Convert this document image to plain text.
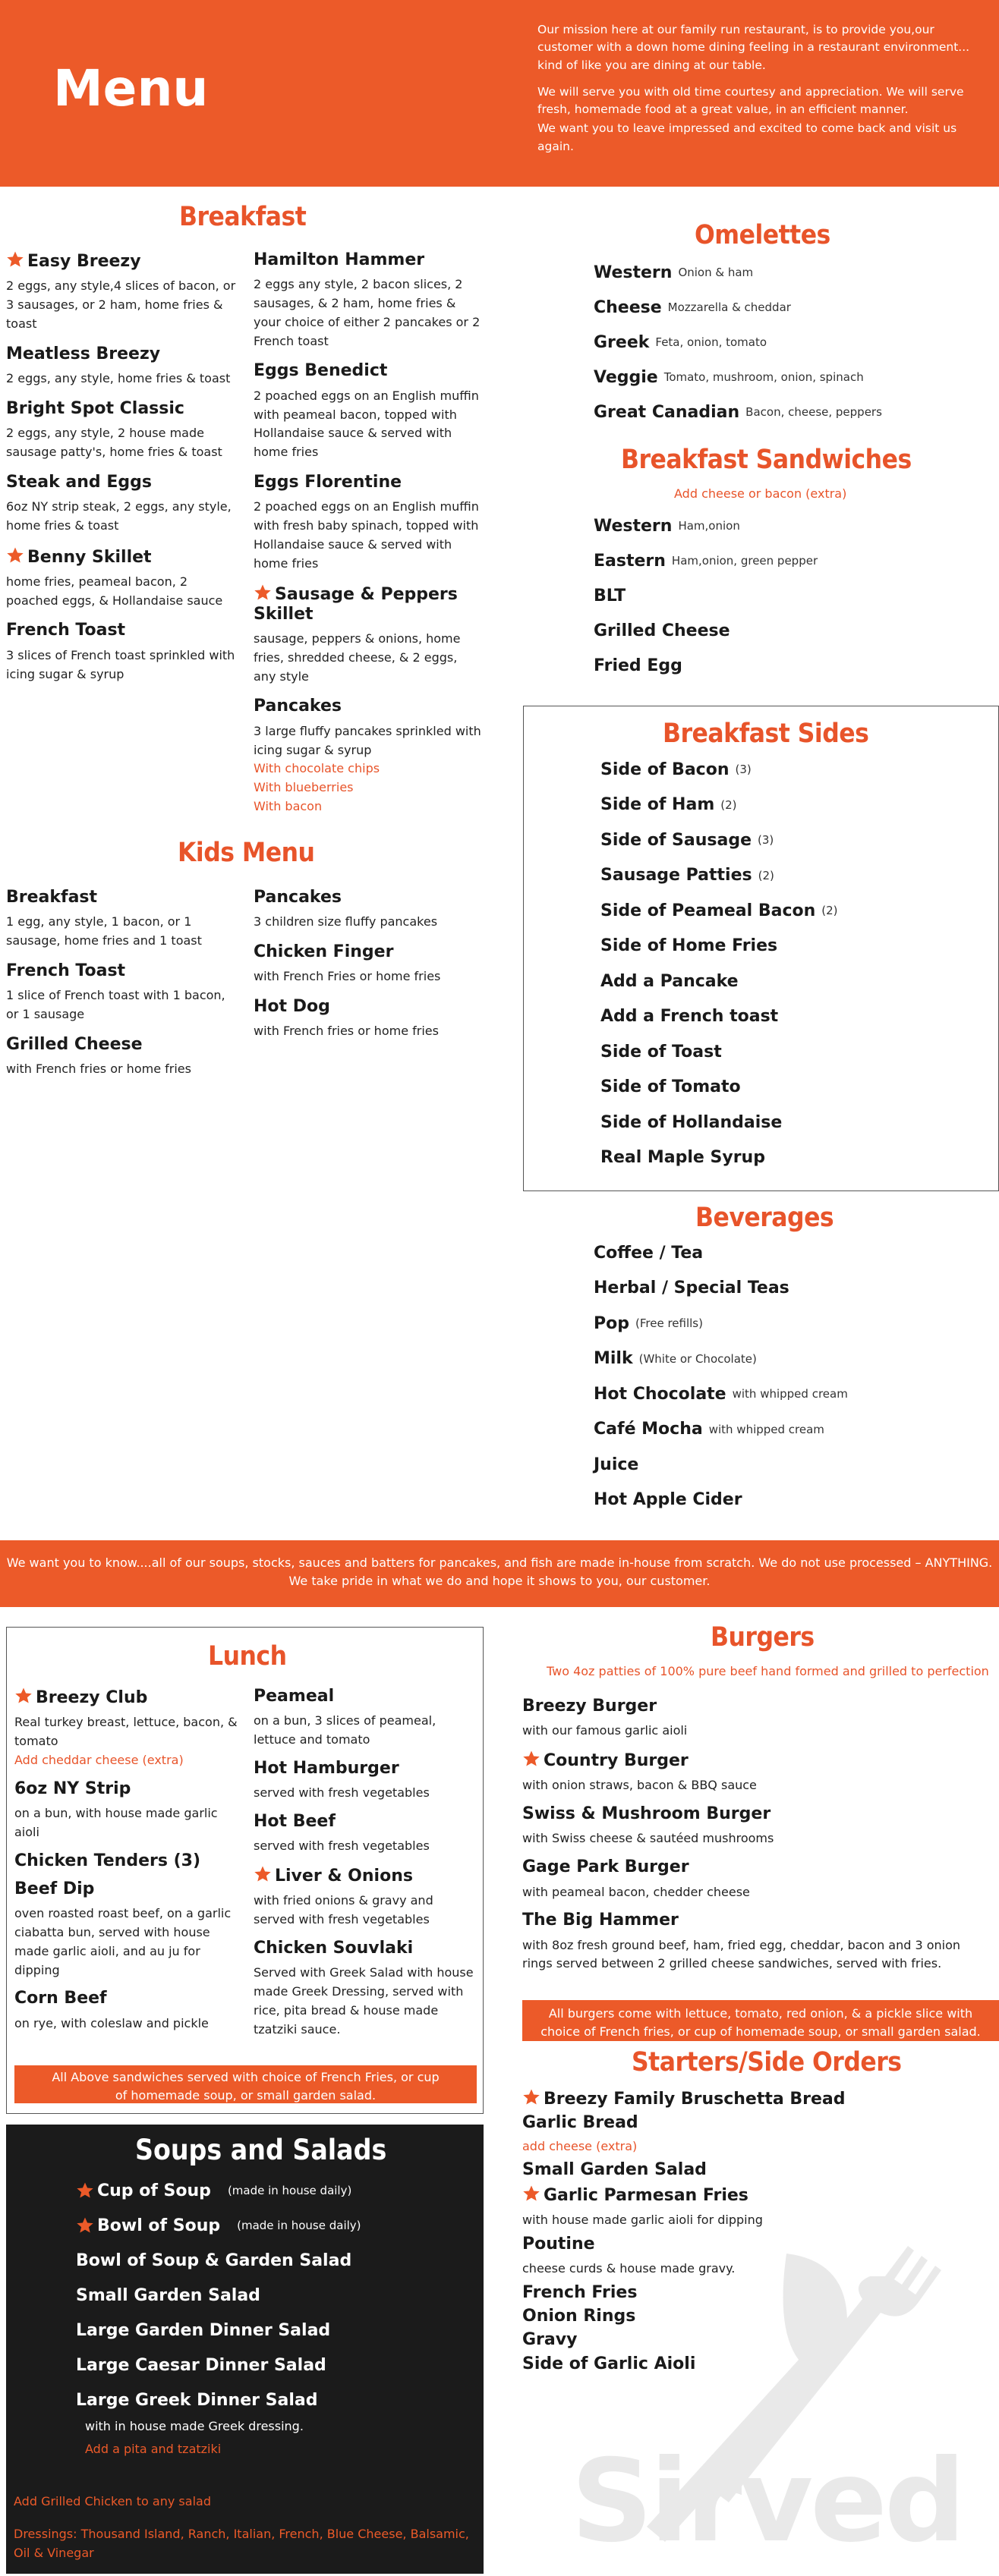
Menu

Our mission here at our family run restaurant, is to provide you,our customer with a down home dining feeling in a restaurant environment... kind of like you are dining at our table.

We will serve you with old time courtesy and appreciation. We will serve fresh, homemade food at a great value, in an efficient manner.

We want you to leave impressed and excited to come back and visit us again.

Breakfast
Easy Breezy
2 eggs, any style,4 slices of bacon, or 3 sausages, or 2 ham, home fries & toast
Meatless Breezy
2 eggs, any style, home fries & toast
Bright Spot Classic
2 eggs, any style, 2 house made sausage patty's, home fries & toast
Steak and Eggs
6oz NY strip steak, 2 eggs, any style, home fries & toast
Benny Skillet
home fries, peameal bacon, 2 poached eggs, & Hollandaise sauce
French Toast
3 slices of French toast sprinkled with icing sugar & syrup
Hamilton Hammer
2 eggs any style, 2 bacon slices, 2 sausages, & 2 ham, home fries & your choice of either 2 pancakes or 2 French toast
Eggs Benedict
2 poached eggs on an English muffin with peameal bacon, topped with Hollandaise sauce & served with home fries
Eggs Florentine
2 poached eggs on an English muffin with fresh baby spinach, topped with Hollandaise sauce & served with home fries
Sausage & Peppers Skillet
sausage, peppers & onions, home fries, shredded cheese, & 2 eggs, any style
Pancakes
3 large fluffy pancakes sprinkled with icing sugar & syrup
With chocolate chips
With blueberries
With bacon
Kids Menu
Breakfast
1 egg, any style, 1 bacon, or 1 sausage, home fries and 1 toast
French Toast
1 slice of French toast with 1 bacon, or 1 sausage
Grilled Cheese
with French fries or home fries
Pancakes
3 children size fluffy pancakes
Chicken Finger
with French Fries or home fries
Hot Dog
with French fries or home fries
Omelettes
Western Onion & ham
Cheese Mozzarella & cheddar
Greek Feta, onion, tomato
Veggie Tomato, mushroom, onion, spinach
Great Canadian Bacon, cheese, peppers
Breakfast Sandwiches
Add cheese or bacon (extra)
Western Ham,onion
Eastern Ham,onion, green pepper
BLT
Grilled Cheese
Fried Egg
Breakfast Sides
Side of Bacon (3)
Side of Ham (2)
Side of Sausage (3)
Sausage Patties (2)
Side of Peameal Bacon (2)
Side of Home Fries
Add a Pancake
Add a French toast
Side of Toast
Side of Tomato
Side of Hollandaise
Real Maple Syrup
Beverages
Coffee / Tea
Herbal / Special Teas
Pop (Free refills)
Milk (White or Chocolate)
Hot Chocolate with whipped cream
Café Mocha with whipped cream
Juice
Hot Apple Cider
We want you to know....all of our soups, stocks, sauces and batters for pancakes, and fish are made in-house from scratch. We do not use processed – ANYTHING.
We take pride in what we do and hope it shows to you, our customer.
Lunch
Breezy Club
Real turkey breast, lettuce, bacon, & tomato
Add cheddar cheese (extra)
6oz NY Strip
on a bun, with house made garlic aioli
Chicken Tenders (3)
Beef Dip
oven roasted roast beef, on a garlic ciabatta bun, served with house made garlic aioli, and au ju for dipping
Corn Beef
on rye, with coleslaw and pickle
Peameal
on a bun, 3 slices of peameal, lettuce and tomato
Hot Hamburger
served with fresh vegetables
Hot Beef
served with fresh vegetables
Liver & Onions
with fried onions & gravy and served with fresh vegetables
Chicken Souvlaki
Served with Greek Salad with house made Greek Dressing, served with rice, pita bread & house made tzatziki sauce.
All Above sandwiches served with choice of French Fries, or cup of homemade soup, or small garden salad.
Soups and Salads
Cup of Soup (made in house daily)
Bowl of Soup (made in house daily)
Bowl of Soup & Garden Salad
Small Garden Salad
Large Garden Dinner Salad
Large Caesar Dinner Salad
Large Greek Dinner Salad
with in house made Greek dressing.
Add a pita and tzatziki
Add Grilled Chicken to any salad
Dressings: Thousand Island, Ranch, Italian, French, Blue Cheese, Balsamic, Oil & Vinegar
Burgers
Two 4oz patties of 100% pure beef hand formed and grilled to perfection
Breezy Burger
with our famous garlic aioli
Country Burger
with onion straws, bacon & BBQ sauce
Swiss & Mushroom Burger
with Swiss cheese & sautéed mushrooms
Gage Park Burger
with peameal bacon, chedder cheese
The Big Hammer
with 8oz fresh ground beef, ham, fried egg, cheddar, bacon and 3 onion rings served between 2 grilled cheese sandwiches, served with fries.
All burgers come with lettuce, tomato, red onion, & a pickle slice with choice of French fries, or cup of homemade soup, or small garden salad.
Starters/Side Orders
Breezy Family Bruschetta Bread
Garlic Bread
add cheese (extra)
Small Garden Salad
Garlic Parmesan Fries
with house made garlic aioli for dipping
Poutine
cheese curds & house made gravy.
French Fries
Onion Rings
Gravy
Side of Garlic Aioli
Sirved
